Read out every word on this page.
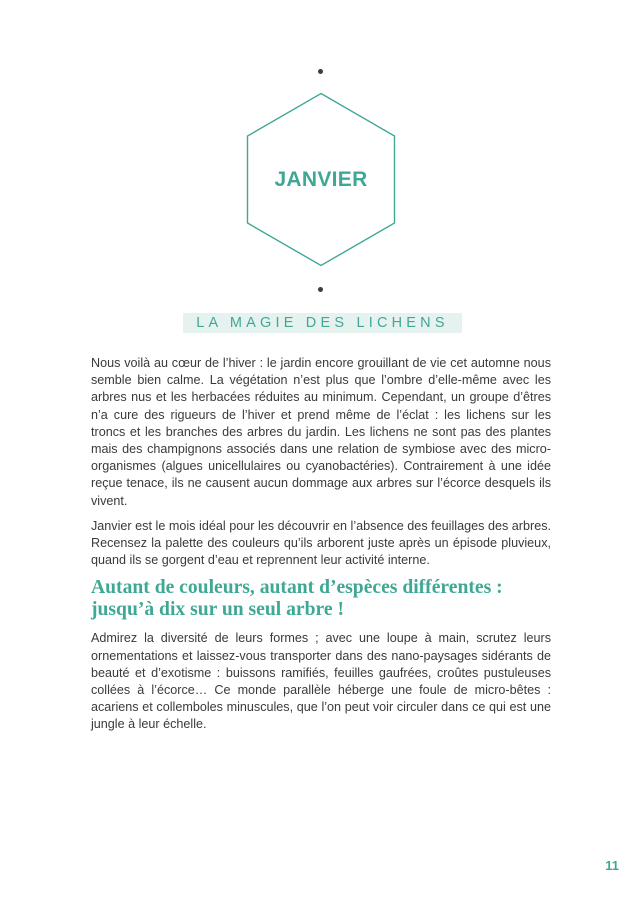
JANVIER
LA MAGIE DES LICHENS

Nous voilà au cœur de l’hiver : le jardin encore grouillant de vie cet automne nous semble bien calme. La végétation n’est plus que l’ombre d’elle-même avec les arbres nus et les herbacées réduites au minimum. Cependant, un groupe d’êtres n’a cure des rigueurs de l’hiver et prend même de l’éclat : les lichens sur les troncs et les branches des arbres du jardin. Les lichens ne sont pas des plantes mais des champignons associés dans une relation de symbiose avec des micro-organismes (algues unicellulaires ou cyanobactéries). Contrairement à une idée reçue tenace, ils ne causent aucun dommage aux arbres sur l’écorce desquels ils vivent.

Janvier est le mois idéal pour les découvrir en l’absence des feuillages des arbres. Recensez la palette des couleurs qu’ils arborent juste après un épisode pluvieux, quand ils se gorgent d’eau et reprennent leur activité interne.

Autant de couleurs, autant d’espèces différentes : jusqu’à dix sur un seul arbre !

Admirez la diversité de leurs formes ; avec une loupe à main, scrutez leurs ornementations et laissez-vous transporter dans des nano-paysages sidérants de beauté et d’exotisme : buissons ramifiés, feuilles gaufrées, croûtes pustuleuses collées à l’écorce… Ce monde parallèle héberge une foule de micro-bêtes : acariens et collemboles minuscules, que l’on peut voir circuler dans ce qui est une jungle à leur échelle.

11
